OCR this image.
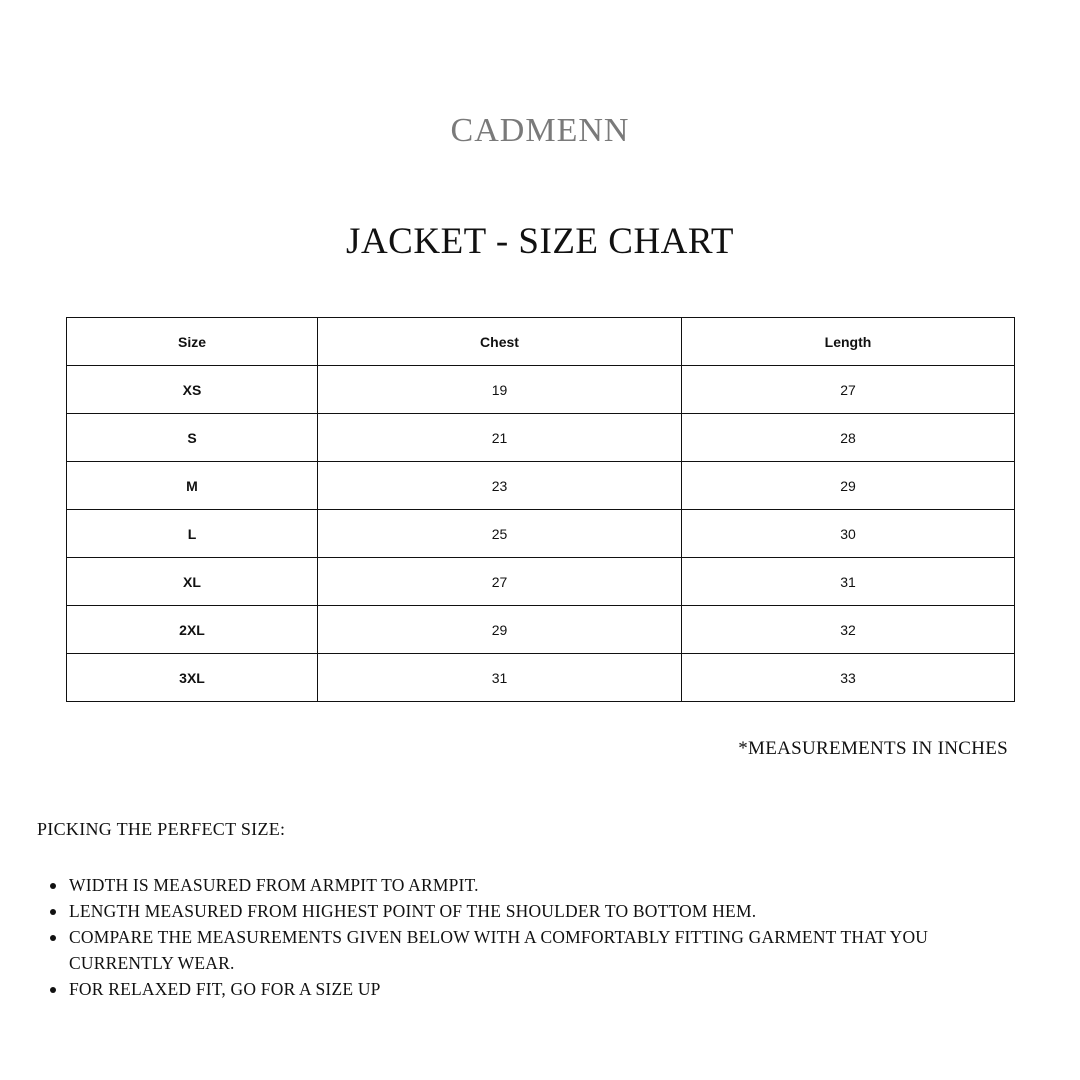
CADMENN
JACKET - SIZE CHART
Size	Chest	Length
XS	19	27
S	21	28
M	23	29
L	25	30
XL	27	31
2XL	29	32
3XL	31	33
*MEASUREMENTS IN INCHES
PICKING THE PERFECT SIZE:
WIDTH IS MEASURED FROM ARMPIT TO ARMPIT.
LENGTH MEASURED FROM HIGHEST POINT OF THE SHOULDER TO BOTTOM HEM.
COMPARE THE MEASUREMENTS GIVEN BELOW WITH A COMFORTABLY FITTING GARMENT THAT YOU CURRENTLY WEAR.
FOR RELAXED FIT, GO FOR A SIZE UP
